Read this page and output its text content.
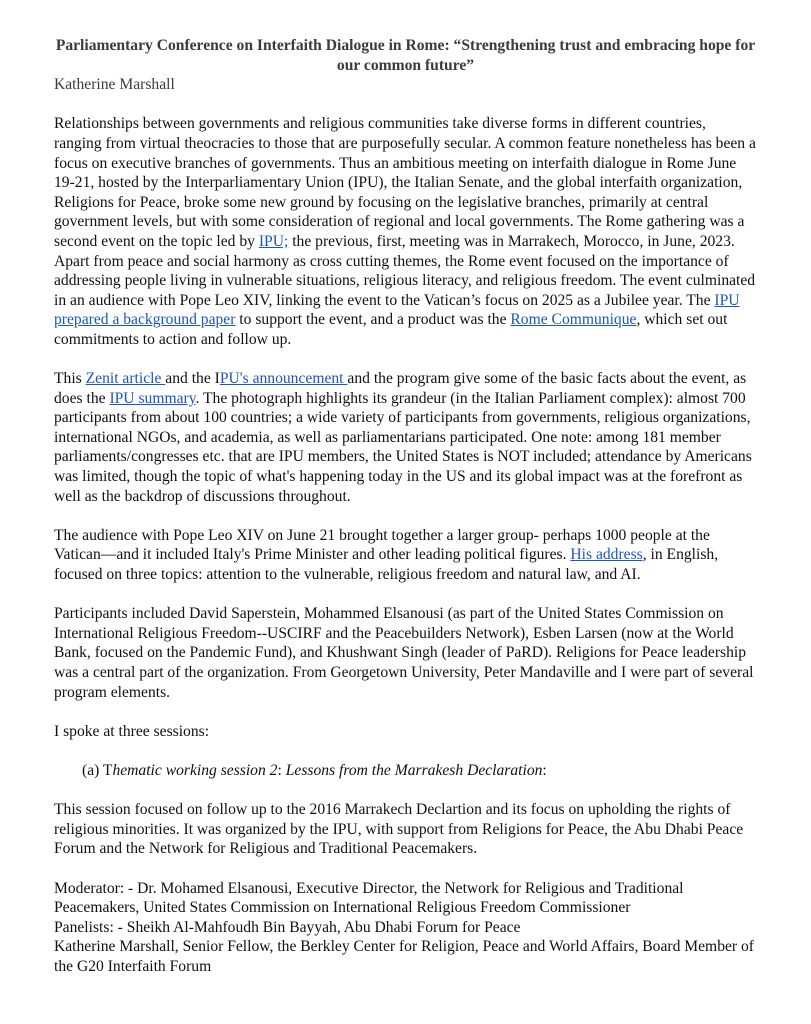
Parliamentary Conference on Interfaith Dialogue in Rome: “Strengthening trust and embracing hope for our common future”
Katherine Marshall

Relationships between governments and religious communities take diverse forms in different countries, ranging from virtual theocracies to those that are purposefully secular. A common feature nonetheless has been a focus on executive branches of governments. Thus an ambitious meeting on interfaith dialogue in Rome June 19-21, hosted by the Interparliamentary Union (IPU), the Italian Senate, and the global interfaith organization, Religions for Peace, broke some new ground by focusing on the legislative branches, primarily at central government levels, but with some consideration of regional and local governments. The Rome gathering was a second event on the topic led by IPU; the previous, first, meeting was in Marrakech, Morocco, in June, 2023. Apart from peace and social harmony as cross cutting themes, the Rome event focused on the importance of addressing people living in vulnerable situations, religious literacy, and religious freedom. The event culminated in an audience with Pope Leo XIV, linking the event to the Vatican’s focus on 2025 as a Jubilee year. The IPU prepared a background paper to support the event, and a product was the Rome Communique, which set out commitments to action and follow up.

This Zenit article and the IPU's announcement and the program give some of the basic facts about the event, as does the IPU summary. The photograph highlights its grandeur (in the Italian Parliament complex): almost 700 participants from about 100 countries; a wide variety of participants from governments, religious organizations, international NGOs, and academia, as well as parliamentarians participated. One note: among 181 member parliaments/congresses etc. that are IPU members, the United States is NOT included; attendance by Americans was limited, though the topic of what's happening today in the US and its global impact was at the forefront as well as the backdrop of discussions throughout.

The audience with Pope Leo XIV on June 21 brought together a larger group- perhaps 1000 people at the Vatican—and it included Italy's Prime Minister and other leading political figures. His address, in English, focused on three topics: attention to the vulnerable, religious freedom and natural law, and AI.

Participants included David Saperstein, Mohammed Elsanousi (as part of the United States Commission on International Religious Freedom--USCIRF and the Peacebuilders Network), Esben Larsen (now at the World Bank, focused on the Pandemic Fund), and Khushwant Singh (leader of PaRD). Religions for Peace leadership was a central part of the organization. From Georgetown University, Peter Mandaville and I were part of several program elements.

I spoke at three sessions:

(a) Thematic working session 2: Lessons from the Marrakesh Declaration:

This session focused on follow up to the 2016 Marrakech Declartion and its focus on upholding the rights of religious minorities. It was organized by the IPU, with support from Religions for Peace, the Abu Dhabi Peace Forum and the Network for Religious and Traditional Peacemakers.

Moderator: - Dr. Mohamed Elsanousi, Executive Director, the Network for Religious and Traditional Peacemakers, United States Commission on International Religious Freedom Commissioner

Panelists: - Sheikh Al-Mahfoudh Bin Bayyah, Abu Dhabi Forum for Peace

Katherine Marshall, Senior Fellow, the Berkley Center for Religion, Peace and World Affairs, Board Member of the G20 Interfaith Forum
